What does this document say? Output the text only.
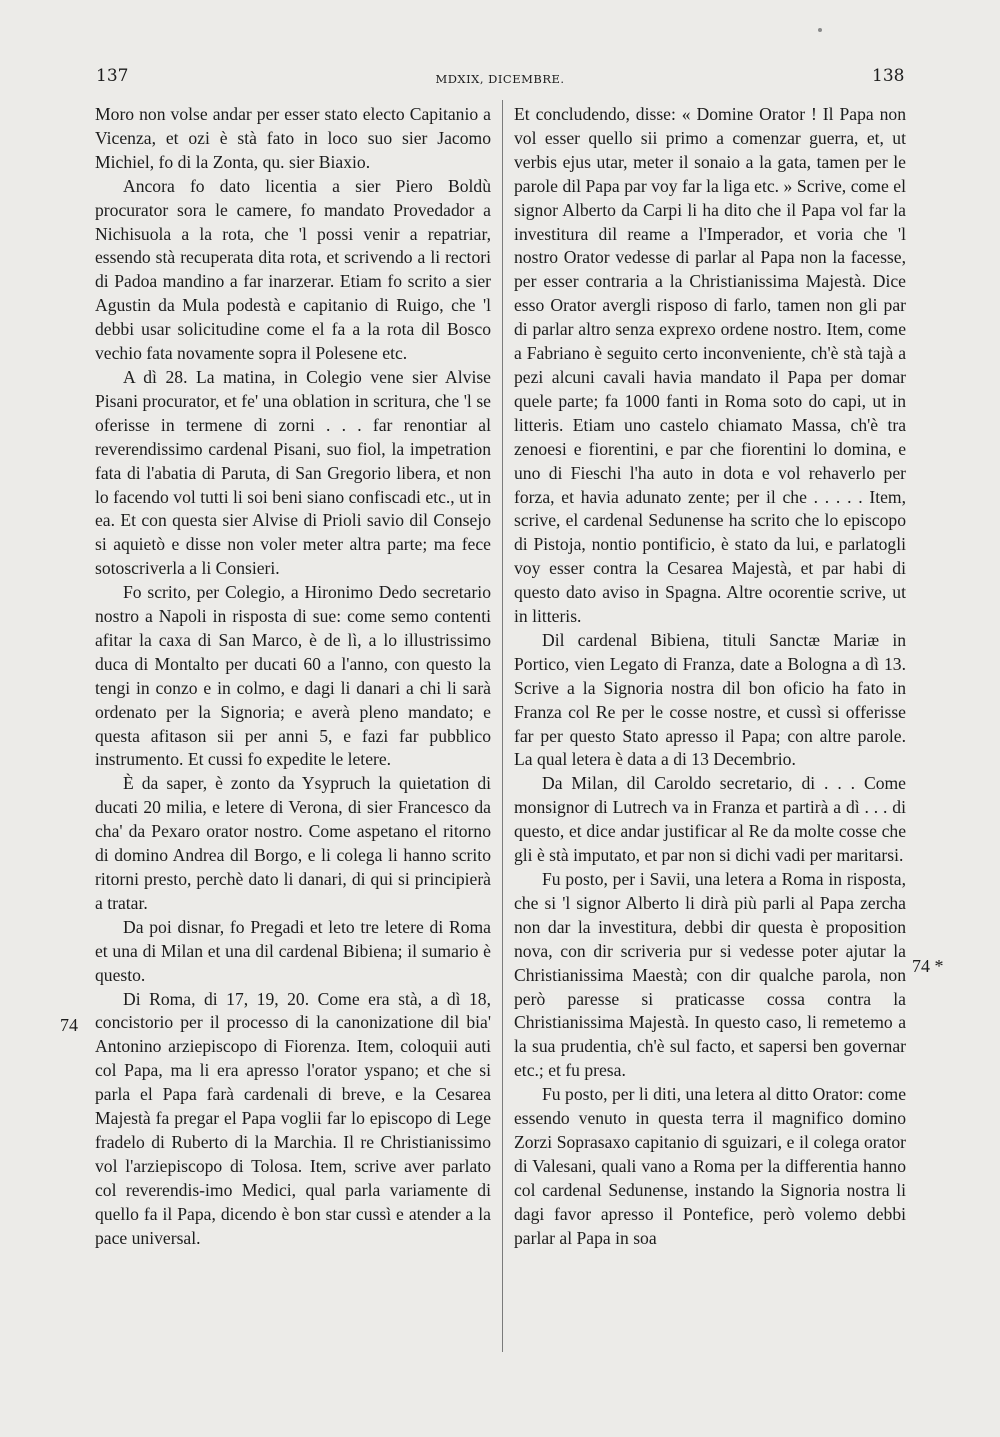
137	MDXIX, DICEMBRE.	138

Moro non volse andar per esser stato electo Capitanio a Vicenza, et ozi è stà fato in loco suo sier Jacomo Michiel, fo di la Zonta, qu. sier Biaxio.

Ancora fo dato licentia a sier Piero Boldù procurator sora le camere, fo mandato Provedador a Nichisuola a la rota, che 'l possi venir a repatriar, essendo stà recuperata dita rota, et scrivendo a li rectori di Padoa mandino a far inarzerar. Etiam fo scrito a sier Agustin da Mula podestà e capitanio di Ruigo, che 'l debbi usar solicitudine come el fa a la rota dil Bosco vechio fata novamente sopra il Polesene etc.

A dì 28. La matina, in Colegio vene sier Alvise Pisani procurator, et fe' una oblation in scritura, che 'l se oferisse in termene di zorni . . . far renontiar al reverendissimo cardenal Pisani, suo fiol, la impetration fata di l'abatia di Paruta, di San Gregorio libera, et non lo facendo vol tutti li soi beni siano confiscadi etc., ut in ea. Et con questa sier Alvise di Prioli savio dil Consejo si aquietò e disse non voler meter altra parte; ma fece sotoscriverla a li Consieri.

Fo scrito, per Colegio, a Hironimo Dedo secretario nostro a Napoli in risposta di sue: come semo contenti afitar la caxa di San Marco, è de lì, a lo illustrissimo duca di Montalto per ducati 60 a l'anno, con questo la tengi in conzo e in colmo, e dagi li danari a chi li sarà ordenato per la Signoria; e averà pleno mandato; e questa afitason sii per anni 5, e fazi far pubblico instrumento. Et cussi fo expedite le letere.

È da saper, è zonto da Ysypruch la quietation di ducati 20 milia, e letere di Verona, di sier Francesco da cha' da Pexaro orator nostro. Come aspetano el ritorno di domino Andrea dil Borgo, e li colega li hanno scrito ritorni presto, perchè dato li danari, di qui si principierà a tratar.

Da poi disnar, fo Pregadi et leto tre letere di Roma et una di Milan et una dil cardenal Bibiena; il sumario è questo.

Di Roma, di 17, 19, 20. Come era stà, a dì 18, concistorio per il processo di la canonizatione dil bia' Antonino arziepiscopo di Fiorenza. Item, coloquii auti col Papa, ma li era apresso l'orator yspano; et che si parla el Papa farà cardenali di breve, e la Cesarea Majestà fa pregar el Papa voglii far lo episcopo di Lege fradelo di Ruberto di la Marchia. Il re Christianissimo vol l'arziepiscopo di Tolosa. Item, scrive aver parlato col reverendis-imo Medici, qual parla variamente di quello fa il Papa, dicendo è bon star cussì e atender a la pace universal.

Et concludendo, disse: « Domine Orator ! Il Papa non vol esser quello sii primo a comenzar guerra, et, ut verbis ejus utar, meter il sonaio a la gata, tamen per le parole dil Papa par voy far la liga etc. » Scrive, come el signor Alberto da Carpi li ha dito che il Papa vol far la investitura dil reame a l'Imperador, et voria che 'l nostro Orator vedesse di parlar al Papa non la facesse, per esser contraria a la Christianissima Majestà. Dice esso Orator avergli risposo di farlo, tamen non gli par di parlar altro senza exprexo ordene nostro. Item, come a Fabriano è seguito certo inconveniente, ch'è stà tajà a pezi alcuni cavali havia mandato il Papa per domar quele parte; fa 1000 fanti in Roma soto do capi, ut in litteris. Etiam uno castelo chiamato Massa, ch'è tra zenoesi e fiorentini, e par che fiorentini lo domina, e uno di Fieschi l'ha auto in dota e vol rehaverlo per forza, et havia adunato zente; per il che . . . . . Item, scrive, el cardenal Sedunense ha scrito che lo episcopo di Pistoja, nontio pontificio, è stato da lui, e parlatogli voy esser contra la Cesarea Majestà, et par habi di questo dato aviso in Spagna. Altre ocorentie scrive, ut in litteris.

Dil cardenal Bibiena, tituli Sanctæ Mariæ in Portico, vien Legato di Franza, date a Bologna a dì 13. Scrive a la Signoria nostra dil bon oficio ha fato in Franza col Re per le cosse nostre, et cussì si offerisse far per questo Stato apresso il Papa; con altre parole. La qual letera è data a di 13 Decembrio.

Da Milan, dil Caroldo secretario, di . . . Come monsignor di Lutrech va in Franza et partirà a dì . . . di questo, et dice andar justificar al Re da molte cosse che gli è stà imputato, et par non si dichi vadi per maritarsi.

Fu posto, per i Savii, una letera a Roma in risposta, che si 'l signor Alberto li dirà più parli al Papa zercha non dar la investitura, debbi dir questa è proposition nova, con dir scriveria pur si vedesse poter ajutar la Christianissima Maestà; con dir qualche parola, non però paresse si praticasse cossa contra la Christianissima Majestà. In questo caso, li remetemo a la sua prudentia, ch'è sul facto, et sapersi ben governar etc.; et fu presa.

Fu posto, per li diti, una letera al ditto Orator: come essendo venuto in questa terra il magnifico domino Zorzi Soprasaxo capitanio di sguizari, e il colega orator di Valesani, quali vano a Roma per la differentia hanno col cardenal Sedunense, instando la Signoria nostra li dagi favor apresso il Pontefice, però volemo debbi parlar al Papa in soa

74
74 *
